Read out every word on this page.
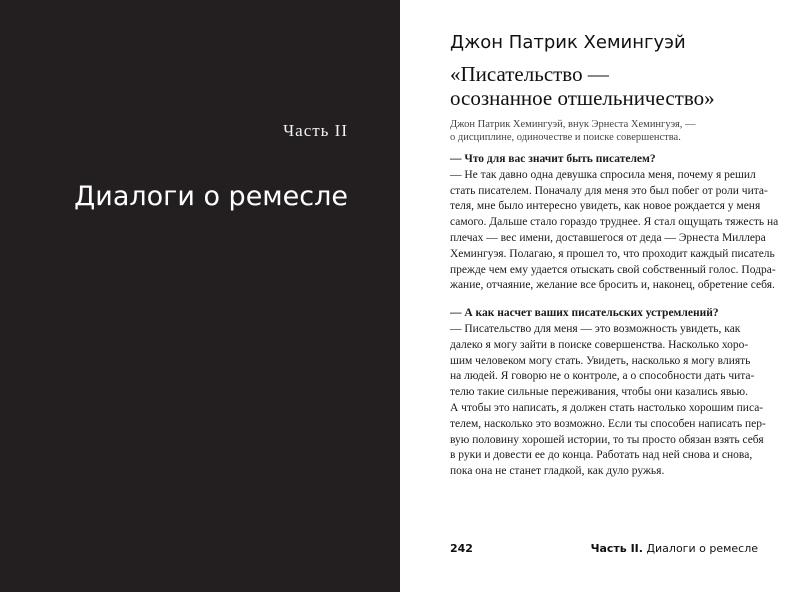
Часть II

Диалоги о ремесле
Джон Патрик Хемингуэй
«Писательство —
осознанное отшельничество»

Джон Патрик Хемингуэй, внук Эрнеста Хемингуэя, —
о дисциплине, одиночестве и поиске совершенства.

— Что для вас значит быть писателем?
— Не так давно одна девушка спросила меня, почему я решил
стать писателем. Поначалу для меня это был побег от роли чита-
теля, мне было интересно увидеть, как новое рождается у меня
самого. Дальше стало гораздо труднее. Я стал ощущать тяжесть на
плечах — вес имени, доставшегося от деда — Эрнеста Миллера
Хемингуэя. Полагаю, я прошел то, что проходит каждый писатель
прежде чем ему удается отыскать свой собственный голос. Подра-
жание, отчаяние, желание все бросить и, наконец, обретение себя.
— А как насчет ваших писательских устремлений?
— Писательство для меня — это возможность увидеть, как
далеко я могу зайти в поиске совершенства. Насколько хоро-
шим человеком могу стать. Увидеть, насколько я могу влиять
на людей. Я говорю не о контроле, а о способности дать чита-
телю такие сильные переживания, чтобы они казались явью.
А чтобы это написать, я должен стать настолько хорошим писа-
телем, насколько это возможно. Если ты способен написать пер-
вую половину хорошей истории, то ты просто обязан взять себя
в руки и довести ее до конца. Работать над ней снова и снова,
пока она не станет гладкой, как дуло ружья.

242	Часть II. Диалоги о ремесле
